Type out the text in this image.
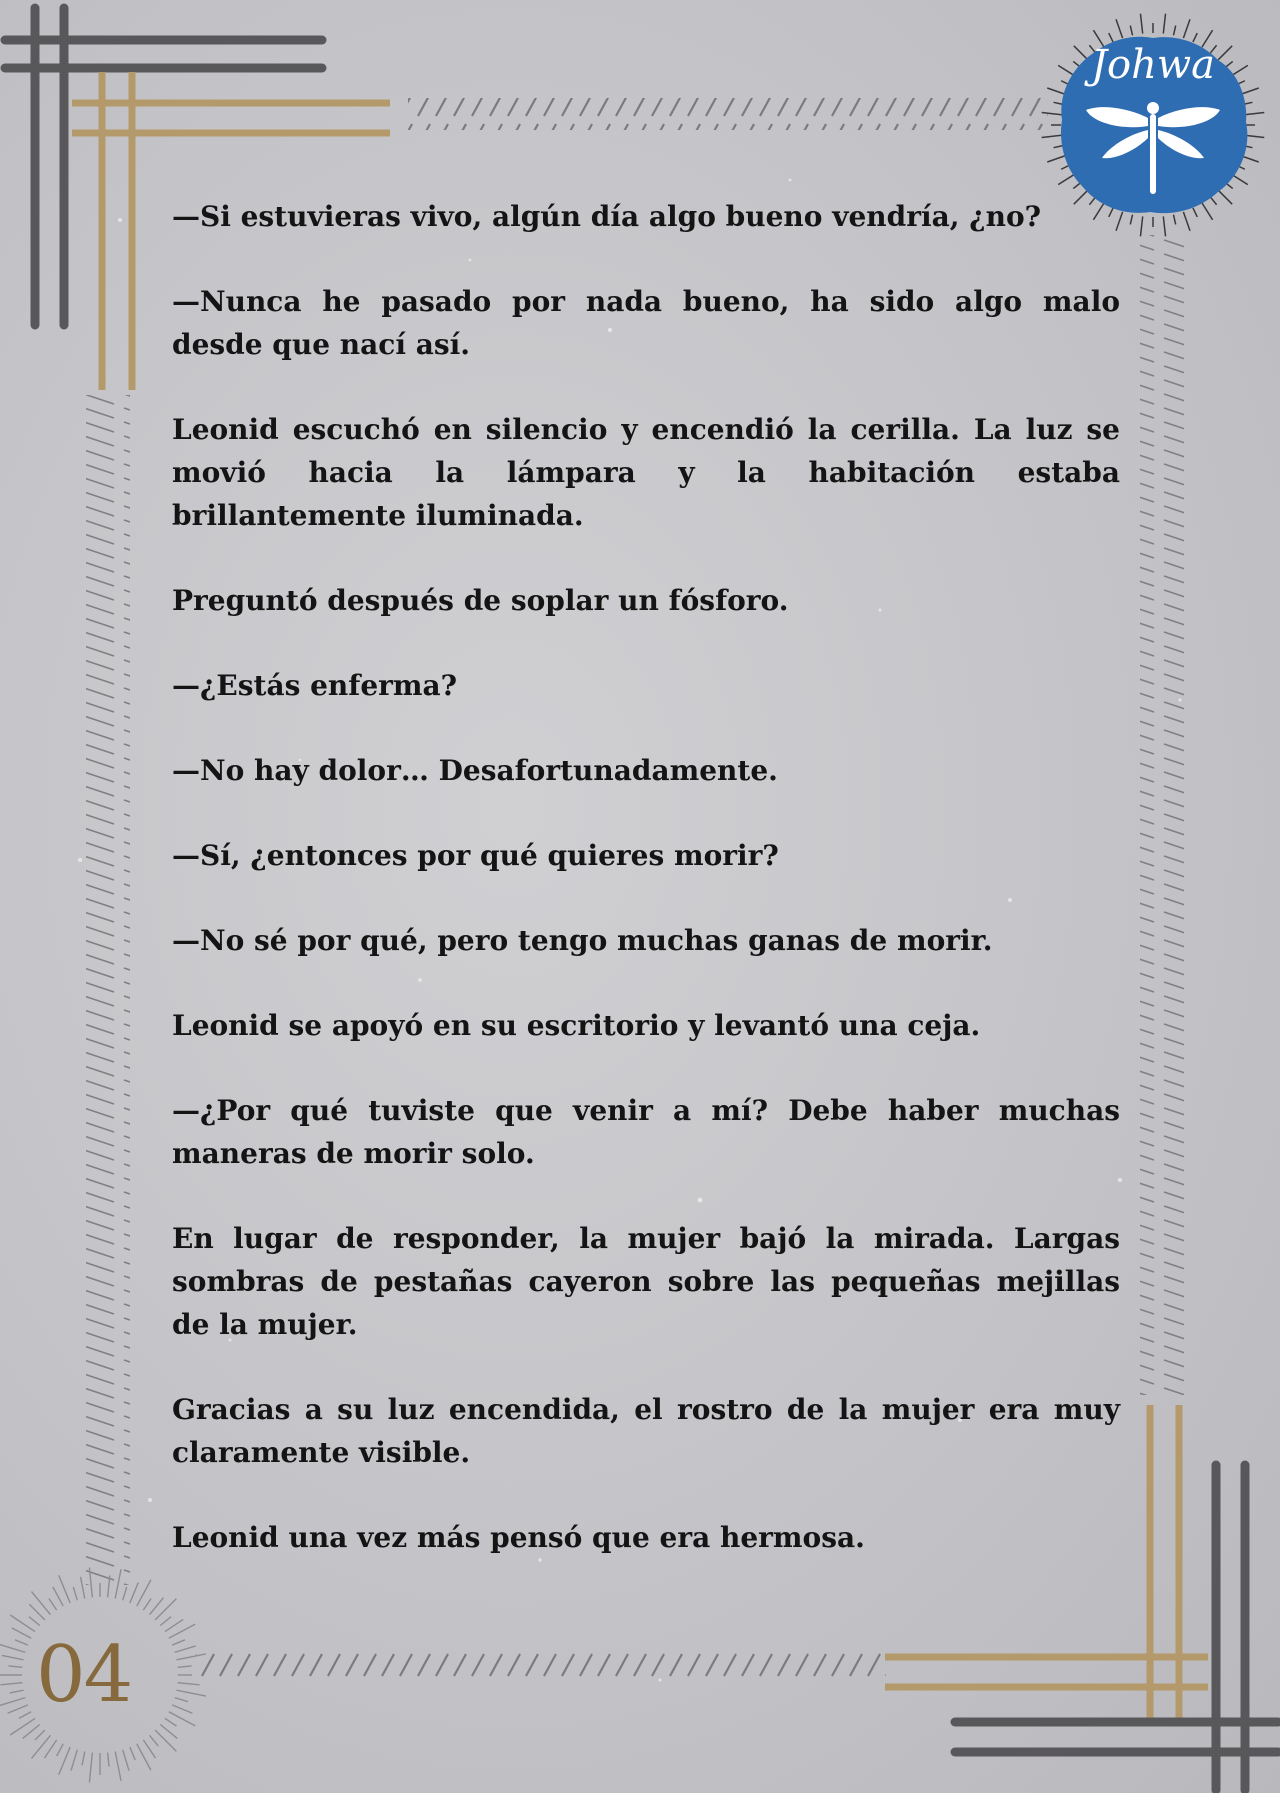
Johwa

—Si estuvieras vivo, algún día algo bueno vendría, ¿no?

—Nunca he pasado por nada bueno, ha sido algo malo desde que nací así.

Leonid escuchó en silencio y encendió la cerilla. La luz se movió hacia la lámpara y la habitación estaba brillantemente iluminada.

Preguntó después de soplar un fósforo.

—¿Estás enferma?

—No hay dolor… Desafortunadamente.

—Sí, ¿entonces por qué quieres morir?

—No sé por qué, pero tengo muchas ganas de morir.

Leonid se apoyó en su escritorio y levantó una ceja.

—¿Por qué tuviste que venir a mí? Debe haber muchas maneras de morir solo.

En lugar de responder, la mujer bajó la mirada. Largas sombras de pestañas cayeron sobre las pequeñas mejillas de la mujer.

Gracias a su luz encendida, el rostro de la mujer era muy claramente visible.

Leonid una vez más pensó que era hermosa.

04
